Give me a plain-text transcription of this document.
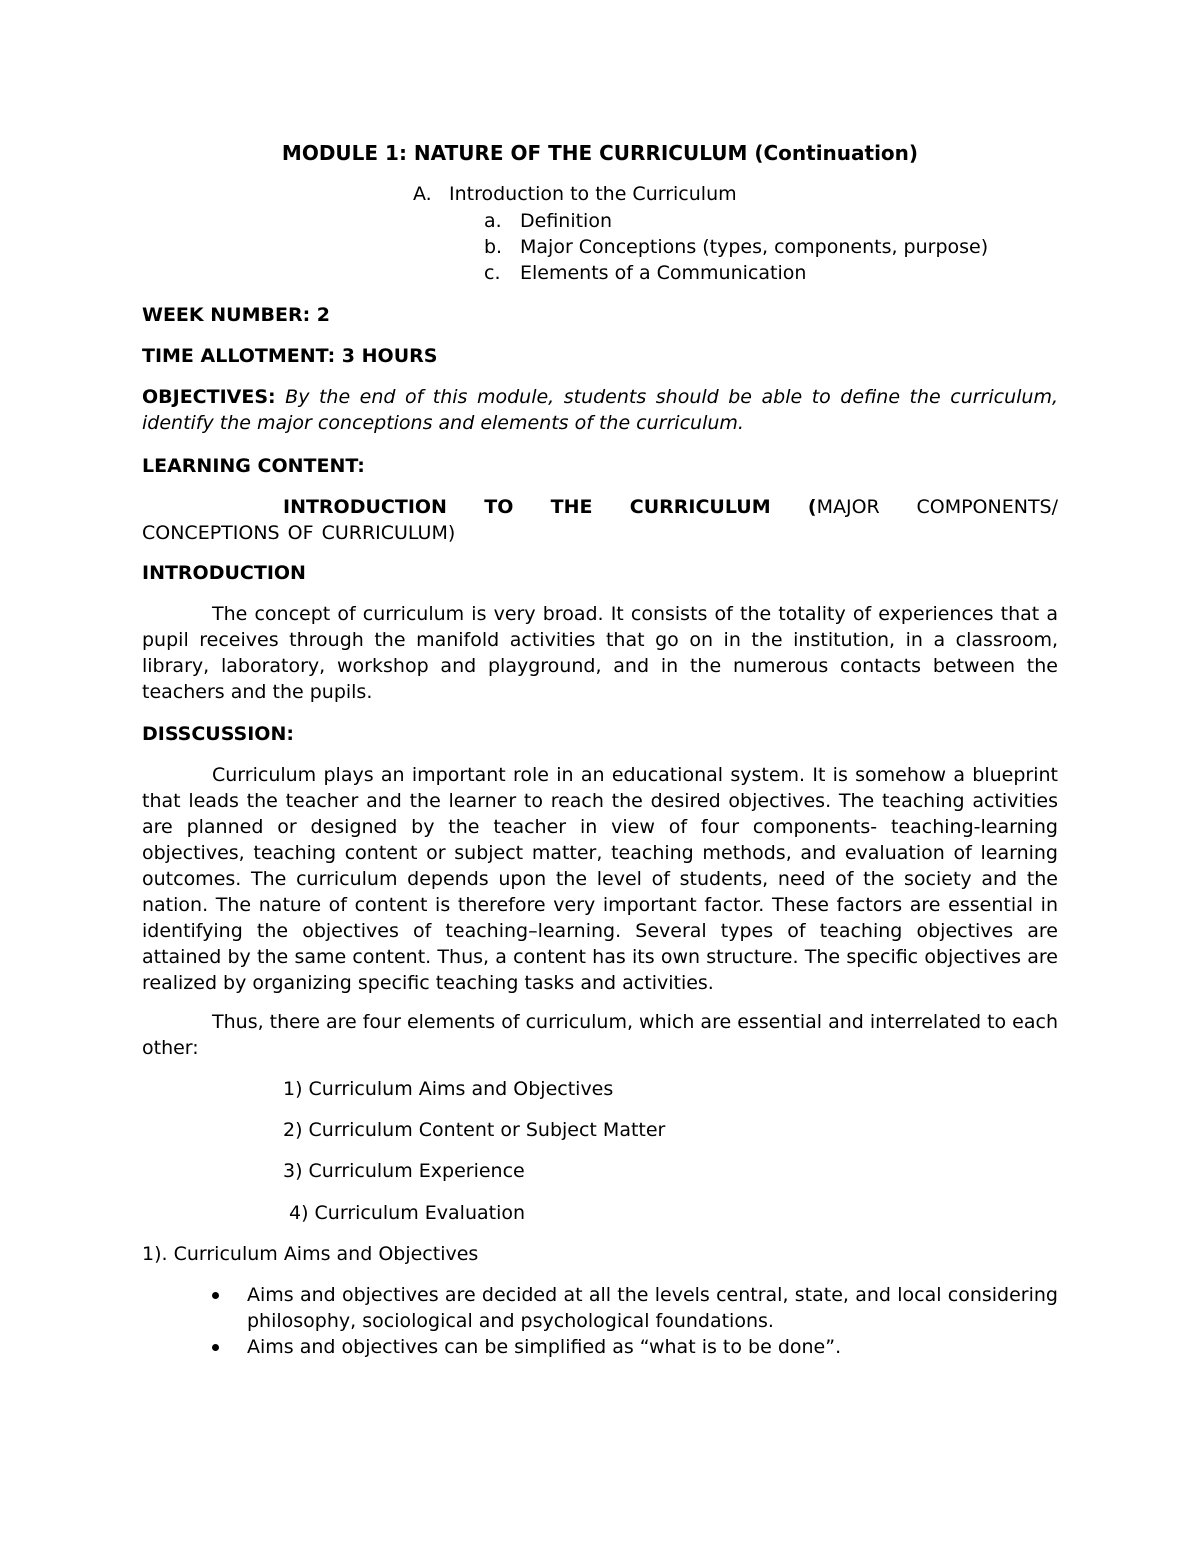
MODULE 1: NATURE OF THE CURRICULUM (Continuation)
A. Introduction to the Curriculum
a. Definition
b. Major Conceptions (types, components, purpose)
c. Elements of a Communication
WEEK NUMBER: 2
TIME ALLOTMENT: 3 HOURS
OBJECTIVES: By the end of this module, students should be able to define the curriculum, identify the major conceptions and elements of the curriculum.
LEARNING CONTENT:
INTRODUCTION TO THE CURRICULUM (MAJOR COMPONENTS/ CONCEPTIONS OF CURRICULUM)
INTRODUCTION
The concept of curriculum is very broad. It consists of the totality of experiences that a pupil receives through the manifold activities that go on in the institution, in a classroom, library, laboratory, workshop and playground, and in the numerous contacts between the teachers and the pupils.
DISSCUSSION:
Curriculum plays an important role in an educational system. It is somehow a blueprint that leads the teacher and the learner to reach the desired objectives. The teaching activities are planned or designed by the teacher in view of four components- teaching-learning objectives, teaching content or subject matter, teaching methods, and evaluation of learning outcomes. The curriculum depends upon the level of students, need of the society and the nation. The nature of content is therefore very important factor. These factors are essential in identifying the objectives of teaching–learning. Several types of teaching objectives are attained by the same content. Thus, a content has its own structure. The specific objectives are realized by organizing specific teaching tasks and activities.
Thus, there are four elements of curriculum, which are essential and interrelated to each other:
1) Curriculum Aims and Objectives
2) Curriculum Content or Subject Matter
3) Curriculum Experience
4) Curriculum Evaluation
1). Curriculum Aims and Objectives
Aims and objectives are decided at all the levels central, state, and local considering philosophy, sociological and psychological foundations.
Aims and objectives can be simplified as “what is to be done”.
